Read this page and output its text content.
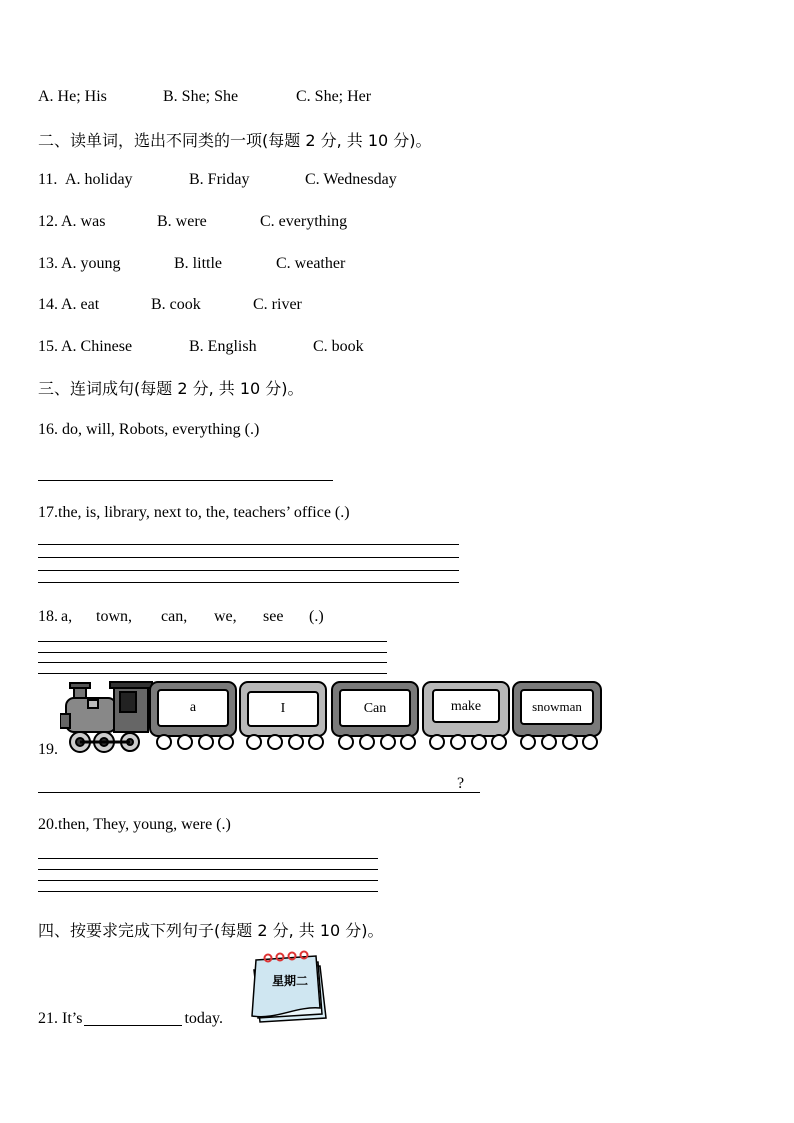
A. He; His	B. She; She	C. She; Her
二、读单词，选出不同类的一项(每题 2 分, 共 10 分)。
11. A. holiday	B. Friday	C. Wednesday
12. A. was	B. were	C. everything
13. A. young	B. little	C. weather
14. A. eat	B. cook	C. river
15. A. Chinese	B. English	C. book
三、连词成句(每题 2 分, 共 10 分)。
16. do, will, Robots, everything (.)
17.the, is, library, next to, the, teachers’ office (.)
18. a, town, can, we, see (.)
19.
a	I	Can	make	snowman
?
20.then, They, young, were (.)
四、按要求完成下列句子(每题 2 分, 共 10 分)。
21. It’s	today.
星期二
